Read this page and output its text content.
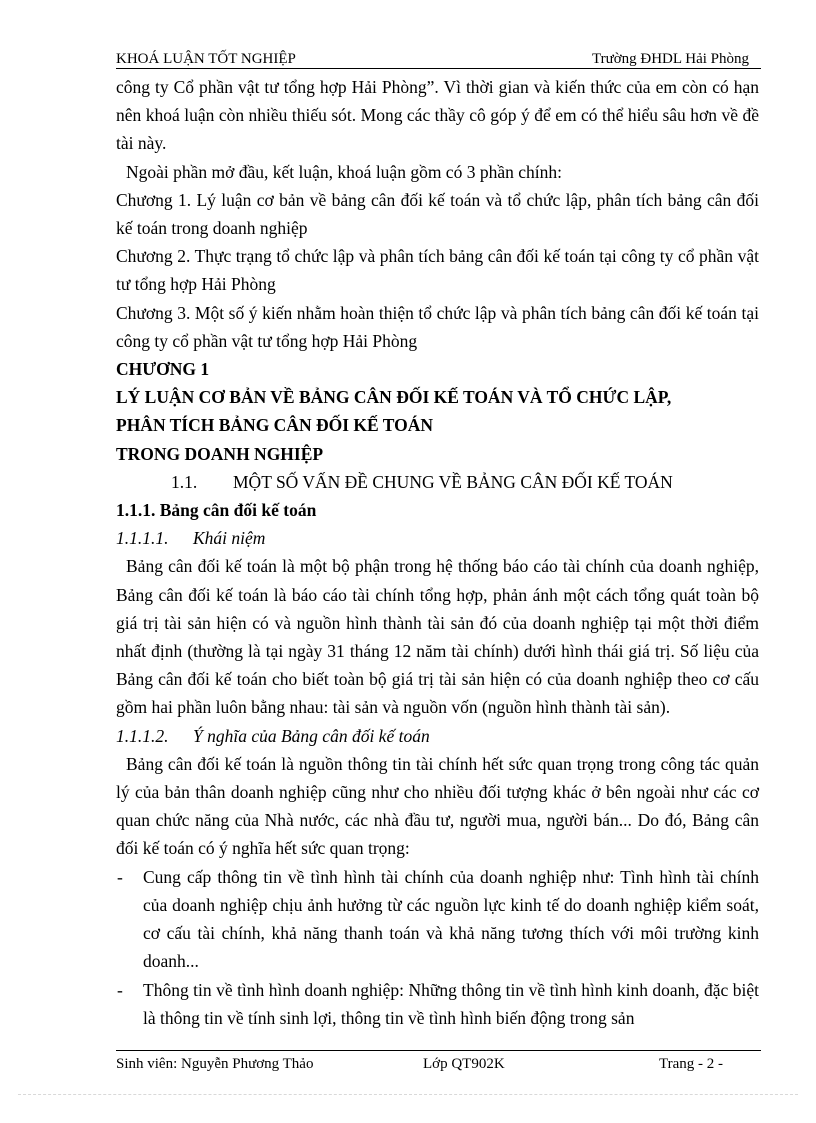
KHOÁ LUẬN TỐT NGHIỆP	Trường ĐHDL Hải Phòng

công ty Cổ phần vật tư tổng hợp Hải Phòng”. Vì thời gian và kiến thức của em còn có hạn nên khoá luận còn nhiều thiếu sót. Mong các thầy cô góp ý để em có thể hiểu sâu hơn về đề tài này.

Ngoài phần mở đầu, kết luận, khoá luận gồm có 3 phần chính:

Chương 1. Lý luận cơ bản về bảng cân đối kế toán và tổ chức lập, phân tích bảng cân đối kế toán trong doanh nghiệp

Chương 2. Thực trạng tổ chức lập và phân tích bảng cân đối kế toán tại công ty cổ phần vật tư tổng hợp Hải Phòng

Chương 3. Một số ý kiến nhằm hoàn thiện tổ chức lập và phân tích bảng cân đối kế toán tại công ty cổ phần vật tư tổng hợp Hải Phòng

CHƯƠNG 1

LÝ LUẬN CƠ BẢN VỀ BẢNG CÂN ĐỐI KẾ TOÁN VÀ TỔ CHỨC LẬP,

PHÂN TÍCH BẢNG CÂN ĐỐI KẾ TOÁN

TRONG DOANH NGHIỆP

1.1. MỘT SỐ VẤN ĐỀ CHUNG VỀ BẢNG CÂN ĐỐI KẾ TOÁN

1.1.1. Bảng cân đối kế toán

1.1.1.1. Khái niệm

Bảng cân đối kế toán là một bộ phận trong hệ thống báo cáo tài chính của doanh nghiệp, Bảng cân đối kế toán là báo cáo tài chính tổng hợp, phản ánh một cách tổng quát toàn bộ giá trị tài sản hiện có và nguồn hình thành tài sản đó của doanh nghiệp tại một thời điểm nhất định (thường là tại ngày 31 tháng 12 năm tài chính) dưới hình thái giá trị. Số liệu của Bảng cân đối kế toán cho biết toàn bộ giá trị tài sản hiện có của doanh nghiệp theo cơ cấu gồm hai phần luôn bằng nhau: tài sản và nguồn vốn (nguồn hình thành tài sản).

1.1.1.2. Ý nghĩa của Bảng cân đối kế toán

Bảng cân đối kế toán là nguồn thông tin tài chính hết sức quan trọng trong công tác quản lý của bản thân doanh nghiệp cũng như cho nhiều đối tượng khác ở bên ngoài như các cơ quan chức năng của Nhà nước, các nhà đầu tư, người mua, người bán... Do đó, Bảng cân đối kế toán có ý nghĩa hết sức quan trọng:

- Cung cấp thông tin về tình hình tài chính của doanh nghiệp như: Tình hình tài chính của doanh nghiệp chịu ảnh hưởng từ các nguồn lực kinh tế do doanh nghiệp kiểm soát, cơ cấu tài chính, khả năng thanh toán và khả năng tương thích với môi trường kinh doanh...
- Thông tin về tình hình doanh nghiệp: Những thông tin về tình hình kinh doanh, đặc biệt là thông tin về tính sinh lợi, thông tin về tình hình biến động trong sản
Sinh viên: Nguyễn Phương Thảo	Lớp QT902K	Trang - 2 -
